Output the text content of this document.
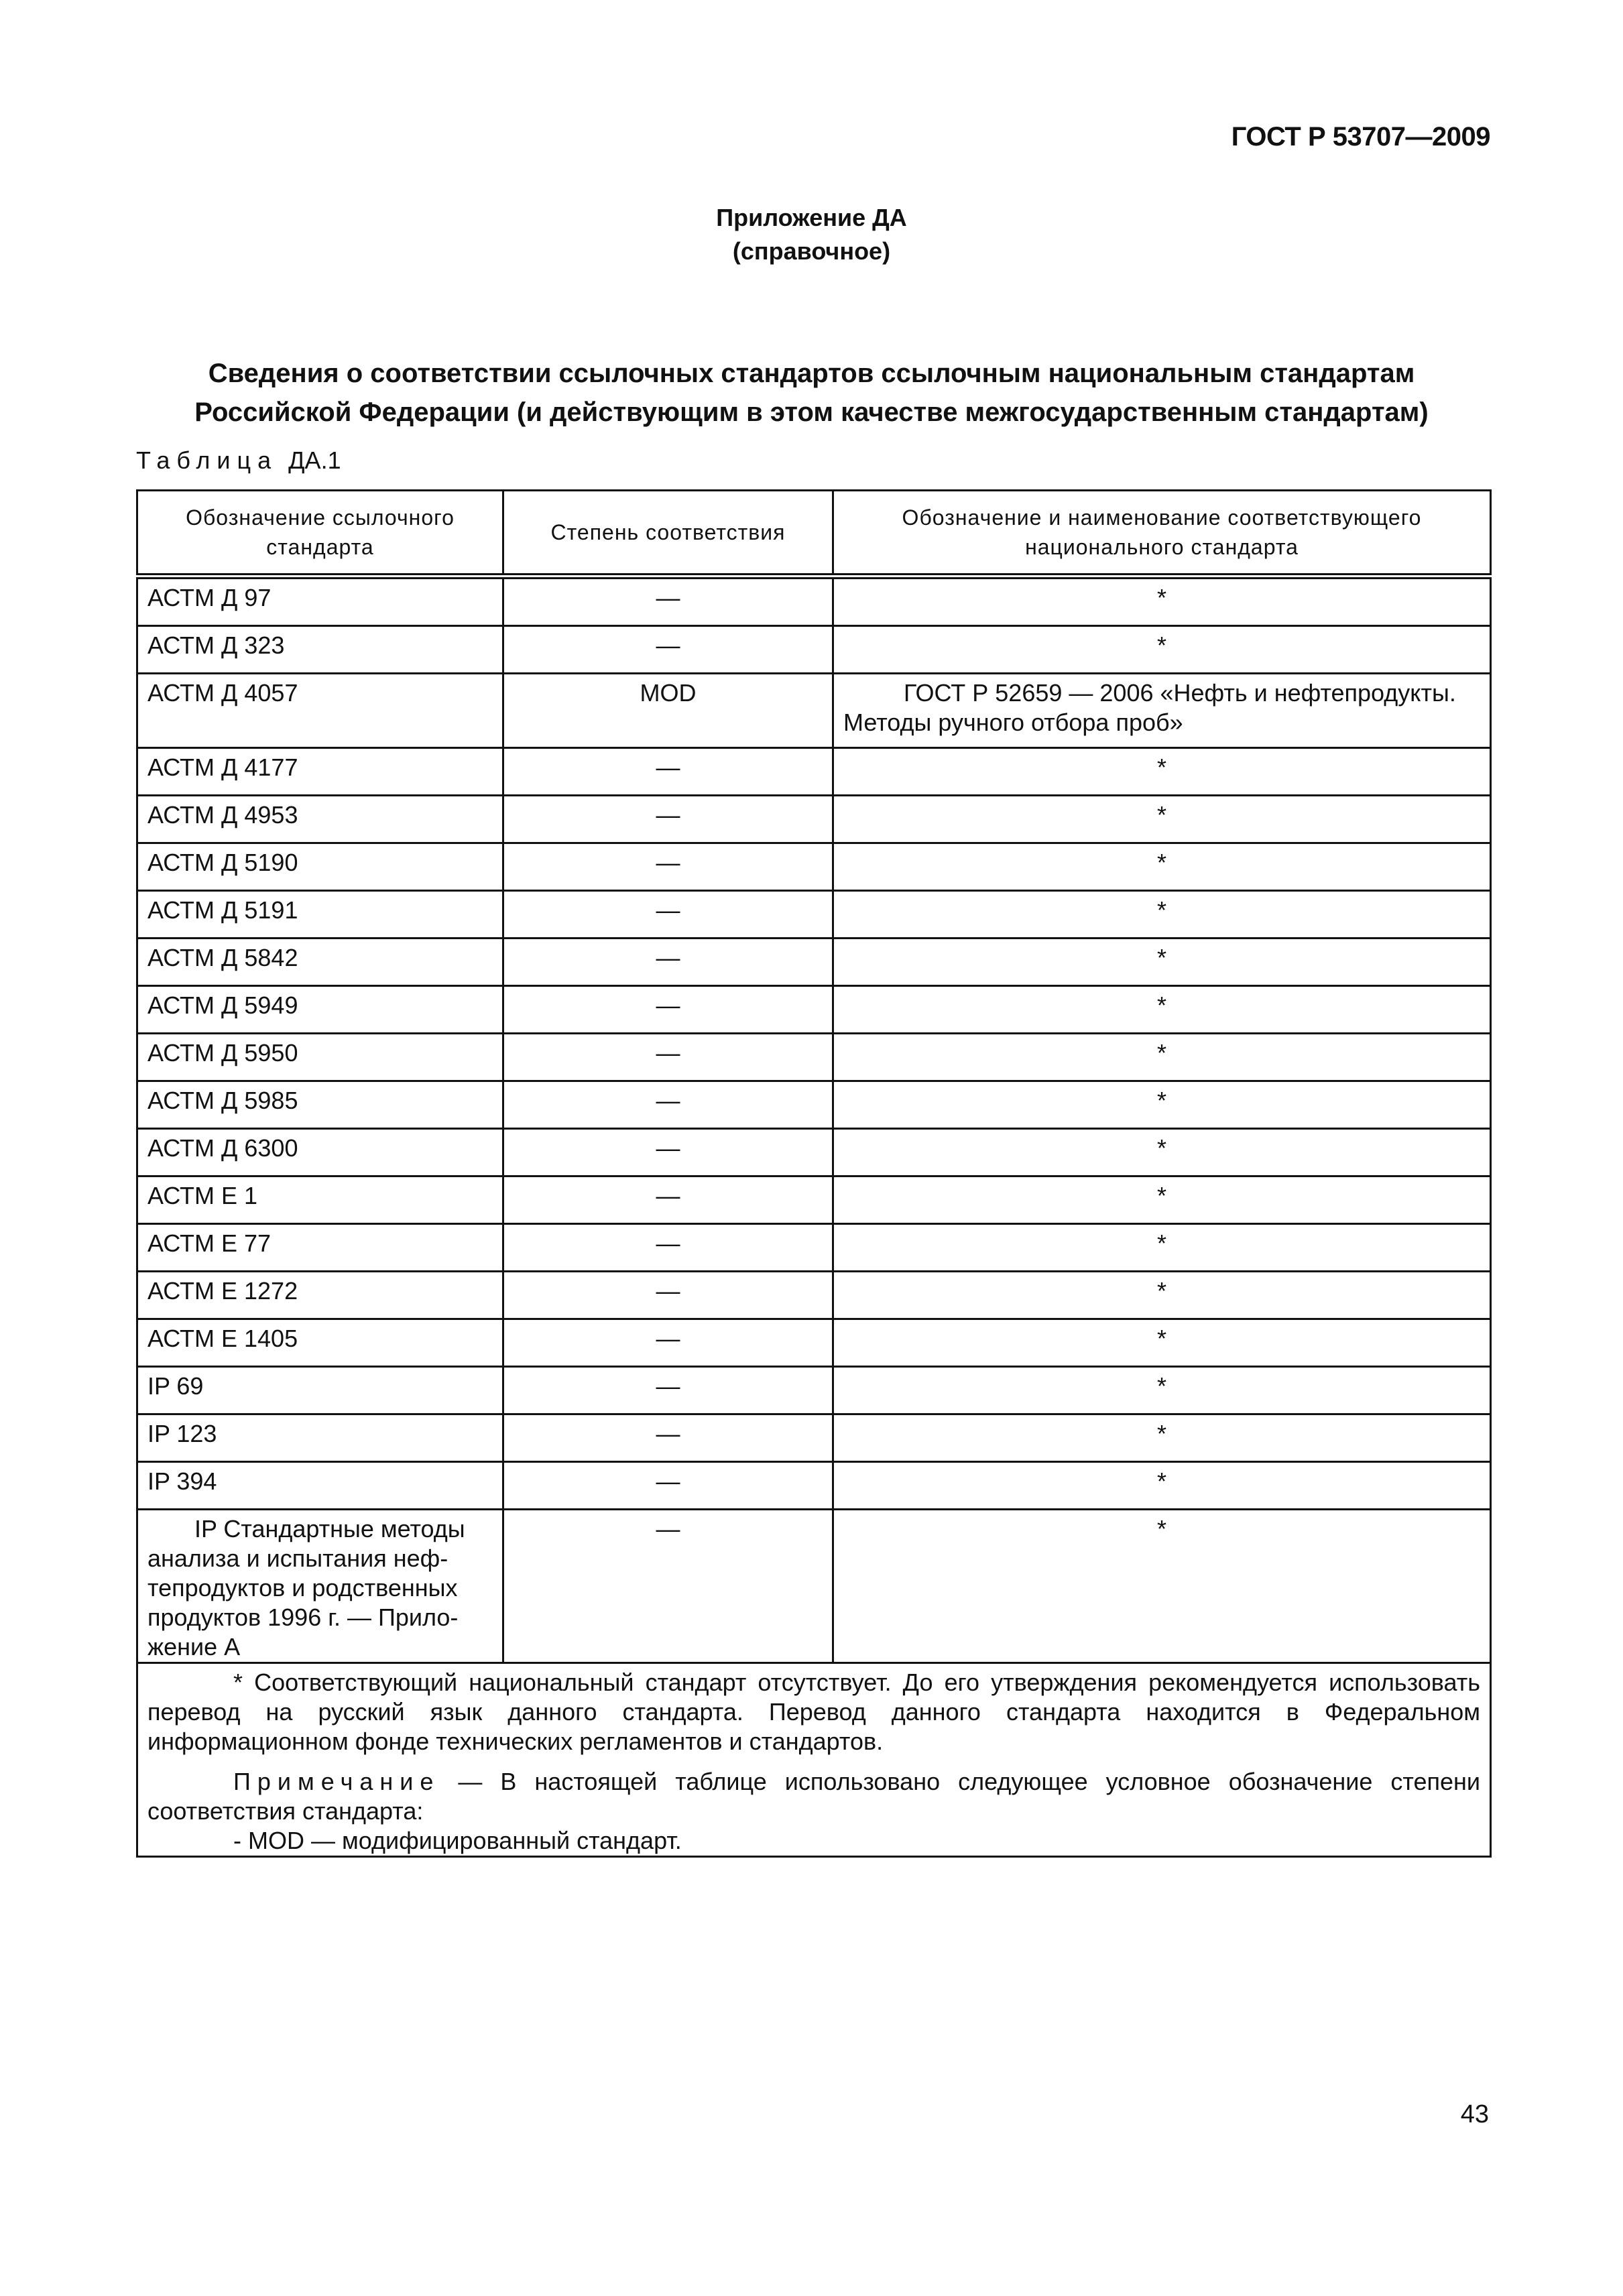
ГОСТ Р 53707—2009
Приложение ДА
(справочное)
Сведения о соответствии ссылочных стандартов ссылочным национальным стандартам
Российской Федерации (и действующим в этом качестве межгосударственным стандартам)
Таблица ДА.1
Обозначение ссылочного стандарта	Степень соответствия	Обозначение и наименование соответствующего национального стандарта
АСТМ Д 97	—	*
АСТМ Д 323	—	*
АСТМ Д 4057	MOD	ГОСТ Р 52659 — 2006 «Нефть и нефтепродукты.
Методы ручного отбора проб»

АСТМ Д 4177	—	*
АСТМ Д 4953	—	*
АСТМ Д 5190	—	*
АСТМ Д 5191	—	*
АСТМ Д 5842	—	*
АСТМ Д 5949	—	*
АСТМ Д 5950	—	*
АСТМ Д 5985	—	*
АСТМ Д 6300	—	*
АСТМ Е 1	—	*
АСТМ Е 77	—	*
АСТМ Е 1272	—	*
АСТМ Е 1405	—	*
IP 69	—	*
IP 123	—	*
IP 394	—	*

IP Стандартные методы
анализа и испытания неф-
тепродуктов и родственных
продуктов 1996 г. — Прило-
жение А	—	*

* Соответствующий национальный стандарт отсутствует. До его утверждения рекомендуется использовать перевод на русский язык данного стандарта. Перевод данного стандарта находится в Федеральном информационном фонде технических регламентов и стандартов.

Примечание — В настоящей таблице использовано следующее условное обозначение степени соответствия стандарта:
- MOD — модифицированный стандарт.		

43
